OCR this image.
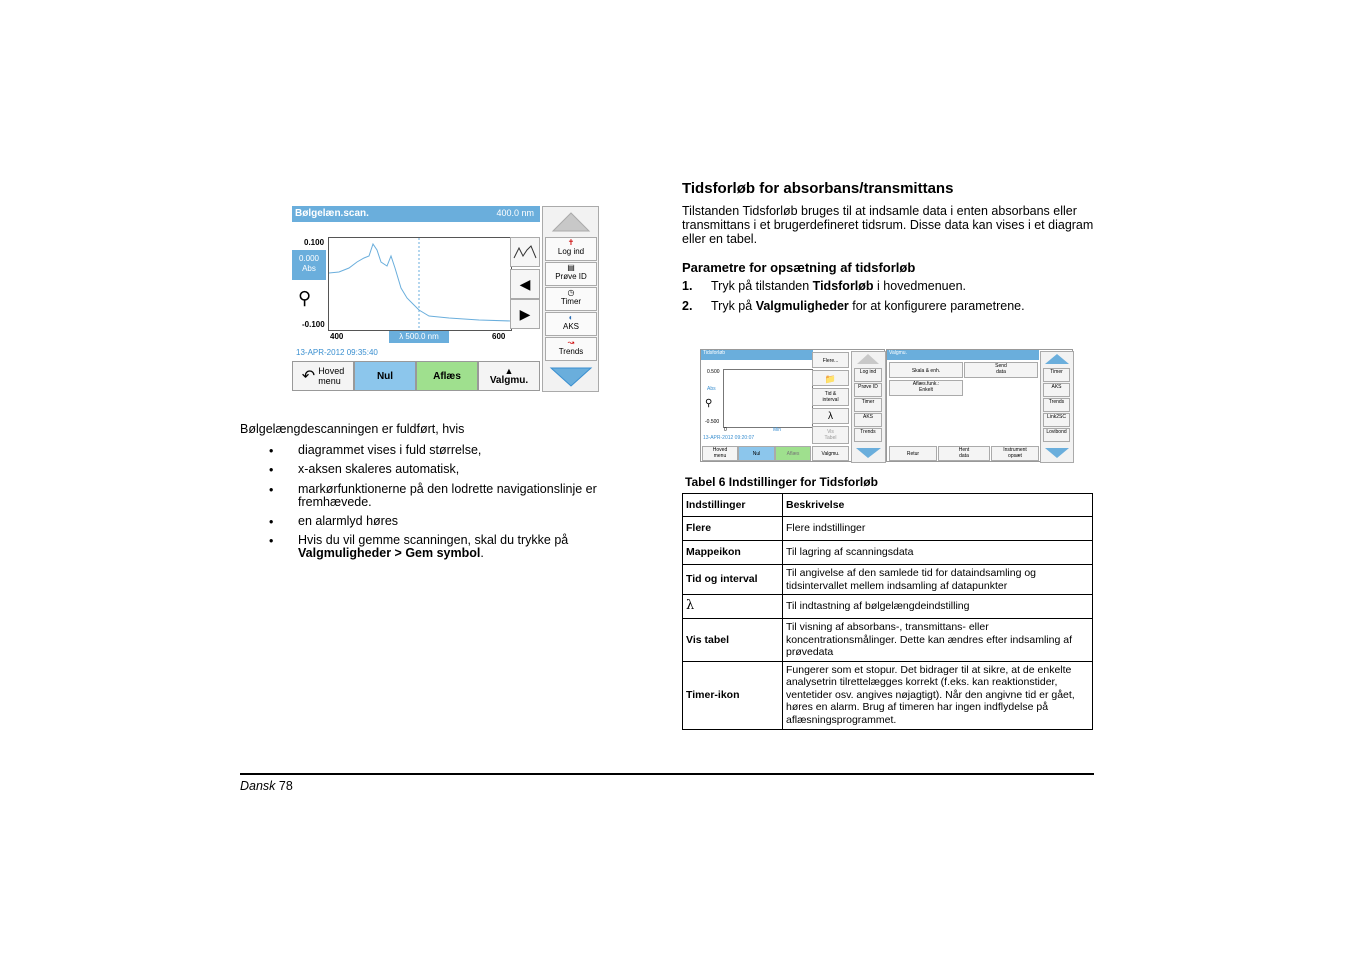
Bølgelæn.scan.	400.0 nm
0.100
0.000
Abs
⚲
-0.100
400	λ 500.0 nm	600
13-APR-2012 09:35:40
◀
▶
↶ Hoved
menu	Nul	Aflæs	▲
Valgmu.
✝
Log ind
▤
Prøve ID
◷
Timer
◐
AKS
↝
Trends
Bølgelængdescanningen er fuldført, hvis
• diagrammet vises i fuld størrelse,
• x-aksen skaleres automatisk,
• markørfunktionerne på den lodrette navigationslinje er fremhævede.
• en alarmlyd høres
• Hvis du vil gemme scanningen, skal du trykke på
Valgmuligheder > Gem symbol.
Tidsforløb for absorbans/transmittans
Tilstanden Tidsforløb bruges til at indsamle data i enten absorbans eller transmittans i et brugerdefineret tidsrum. Disse data kan vises i et diagram eller en tabel.
Parametre for opsætning af tidsforløb
1. Tryk på tilstanden Tidsforløb i hovedmenuen.
2. Tryk på Valgmuligheder for at konfigurere parametrene.
Tidsforløb
0.500
Abs
⚲
-0.500
0	Min
13-APR-2012 09:20:07
Flere...
📁
Tid &
interval
λ
Vis
Tabel
Valgmu.
Hoved
menu	Nul	Aflæs
Log ind
Prøve ID
Timer
AKS
Trends
Valgmu.
Skala & enh.
Send
data
Aflæs.funk.:
Enkelt
Retur
Hent
data
Instrument
opsæt
Timer
AKS
Trends
Link2SC
Lovibond
Tabel 6 Indstillinger for Tidsforløb
Indstillinger	Beskrivelse
Flere	Flere indstillinger
Mappeikon	Til lagring af scanningsdata
Tid og interval	Til angivelse af den samlede tid for dataindsamling og tidsintervallet mellem indsamling af datapunkter
λ	Til indtastning af bølgelængdeindstilling
Vis tabel	Til visning af absorbans-, transmittans- eller koncentrationsmålinger. Dette kan ændres efter indsamling af prøvedata
Timer-ikon	Fungerer som et stopur. Det bidrager til at sikre, at de enkelte analysetrin tilrettelægges korrekt (f.eks. kan reaktionstider, ventetider osv. angives nøjagtigt). Når den angivne tid er gået, høres en alarm. Brug af timeren har ingen indflydelse på aflæsningsprogrammet.
Dansk 78
